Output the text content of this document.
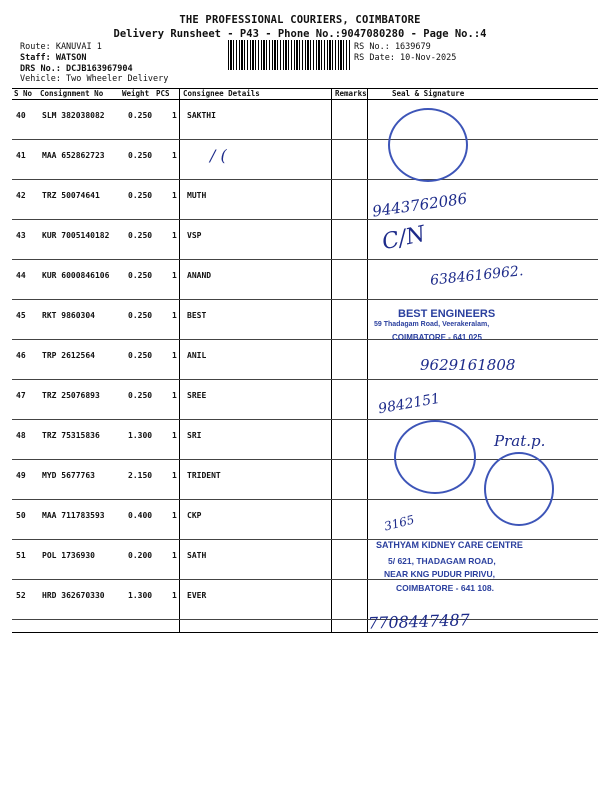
THE PROFESSIONAL COURIERS, COIMBATORE
Delivery Runsheet - P43 - Phone No.:9047080280 - Page No.:4
Route: KANUVAI 1
Staff: WATSON
DRS No.: DCJB163967904
Vehicle: Two Wheeler Delivery
RS No.: 1639679
RS Date: 10-Nov-2025
S No Consignment No	Weight PCS Consignee Details	Remarks	Seal & Signature
40 SLM 382038082	0.250 1 SAKTHI
41 MAA 652862723	0.250 1
42 TRZ 50074641	0.250 1 MUTH
43 KUR 7005140182 0.250 1 VSP
44 KUR 6000846106 0.250 1 ANAND
45 RKT 9860304	0.250 1 BEST
46 TRP 2612564	0.250 1 ANIL
47 TRZ 25076893	0.250 1 SREE
48 TRZ 75315836	1.300 1 SRI
49 MYD 5677763	2.150 1 TRIDENT
50 MAA 711783593	0.400 1 CKP
51 POL 1736930	0.200 1 SATH
52 HRD 362670330	1.300 1 EVER
/ (
9443762086
C/N
6384616962.
BEST ENGINEERS
59 Thadagam Road, Veerakeralam,
COIMBATORE - 641 025
9629161808
9842151
Prat.p.
3165
SATHYAM KIDNEY CARE CENTRE
5/ 621, THADAGAM ROAD,
NEAR KNG PUDUR PIRIVU,
COIMBATORE - 641 108.
7708447487
